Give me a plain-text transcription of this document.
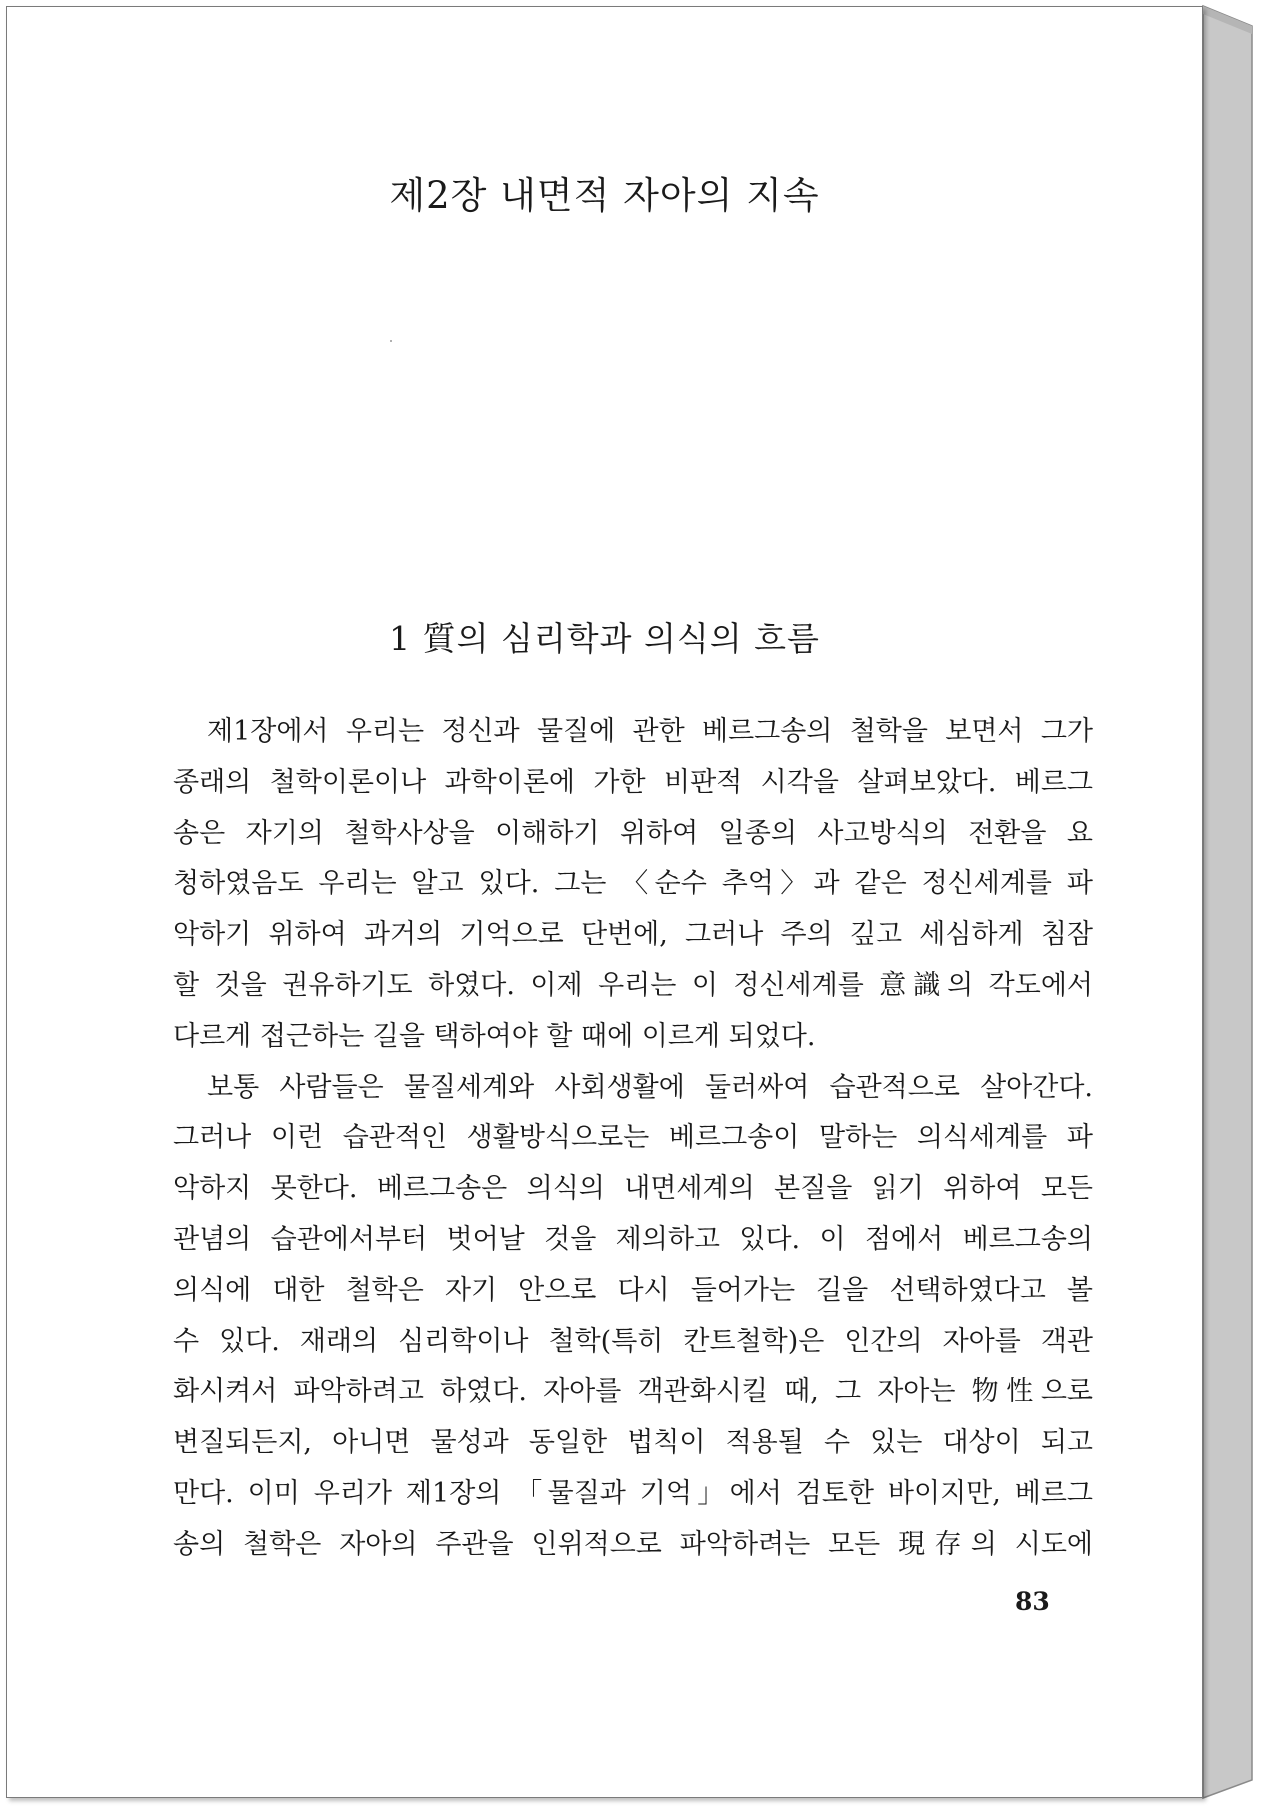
제2장 내면적 자아의 지속
1 質의 심리학과 의식의 흐름
제1장에서 우리는 정신과 물질에 관한 베르그송의 철학을 보면서 그가
종래의 철학이론이나 과학이론에 가한 비판적 시각을 살펴보았다. 베르그
송은 자기의 철학사상을 이해하기 위하여 일종의 사고방식의 전환을 요
청하였음도 우리는 알고 있다. 그는 〈순수 추억〉과 같은 정신세계를 파
악하기 위하여 과거의 기억으로 단번에, 그러나 주의 깊고 세심하게 침잠
할 것을 권유하기도 하였다. 이제 우리는 이 정신세계를 意識의 각도에서
다르게 접근하는 길을 택하여야 할 때에 이르게 되었다.
보통 사람들은 물질세계와 사회생활에 둘러싸여 습관적으로 살아간다.
그러나 이런 습관적인 생활방식으로는 베르그송이 말하는 의식세계를 파
악하지 못한다. 베르그송은 의식의 내면세계의 본질을 읽기 위하여 모든
관념의 습관에서부터 벗어날 것을 제의하고 있다. 이 점에서 베르그송의
의식에 대한 철학은 자기 안으로 다시 들어가는 길을 선택하였다고 볼
수 있다. 재래의 심리학이나 철학(특히 칸트철학)은 인간의 자아를 객관
화시켜서 파악하려고 하였다. 자아를 객관화시킬 때, 그 자아는 物性으로
변질되든지, 아니면 물성과 동일한 법칙이 적용될 수 있는 대상이 되고
만다. 이미 우리가 제1장의 「물질과 기억」에서 검토한 바이지만, 베르그
송의 철학은 자아의 주관을 인위적으로 파악하려는 모든 現存의 시도에
83
